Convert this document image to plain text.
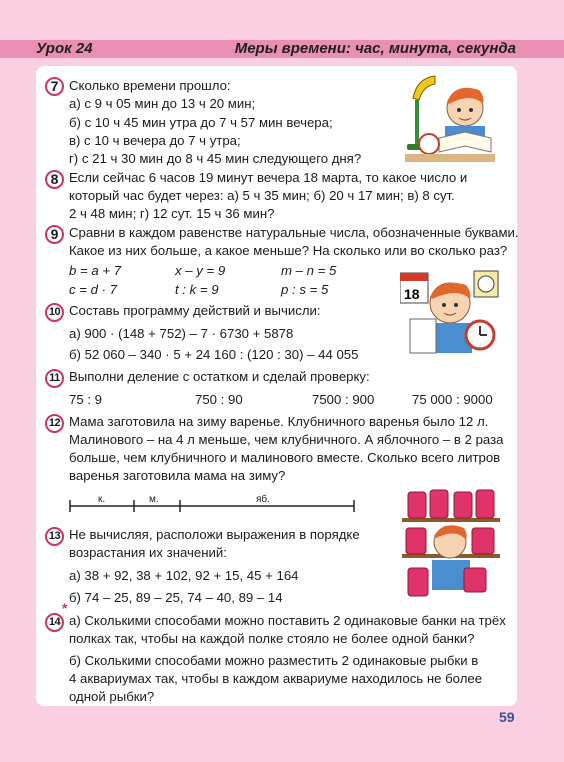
Урок 24	Меры времени: час, минута, секунда
7 Сколько времени прошло:
а) с 9 ч 05 мин до 13 ч 20 мин;
б) с 10 ч 45 мин утра до 7 ч 57 мин вечера;
в) с 10 ч вечера до 7 ч утра;
г) с 21 ч 30 мин до 8 ч 45 мин следующего дня?
8 Если сейчас 6 часов 19 минут вечера 18 марта, то какое число и
который час будет через: а) 5 ч 35 мин; б) 20 ч 17 мин; в) 8 сут.
2 ч 48 мин; г) 12 сут. 15 ч 36 мин?
9 Сравни в каждом равенстве натуральные числа, обозначенные буквами.
Какое из них больше, а какое меньше? На сколько или во сколько раз?
b = a + 7	x – y = 9	m – n = 5
c = d · 7	t : k = 9	p : s = 5	18
10 Составь программу действий и вычисли:
а) 900 · (148 + 752) – 7 · 6730 + 5878
б) 52 060 – 340 · 5 + 24 160 : (120 : 30) – 44 055
11 Выполни деление с остатком и сделай проверку:
75 : 9	750 : 90	7500 : 900	75 000 : 9000
12 Мама заготовила на зиму варенье. Клубничного варенья было 12 л.
Малинового – на 4 л меньше, чем клубничного. А яблочного – в 2 раза
больше, чем клубничного и малинового вместе. Сколько всего литров
варенья заготовила мама на зиму?
к.	м.	яб.
13 Не вычисляя, расположи выражения в порядке
возрастания их значений:
а) 38 + 92, 38 + 102, 92 + 15, 45 + 164
б) 74 – 25, 89 – 25, 74 – 40, 89 – 14
*
14 а) Сколькими способами можно поставить 2 одинаковые банки на трёх
полках так, чтобы на каждой полке стояло не более одной банки?
б) Сколькими способами можно разместить 2 одинаковые рыбки в
4 аквариумах так, чтобы в каждом аквариуме находилось не более
одной рыбки?
59
